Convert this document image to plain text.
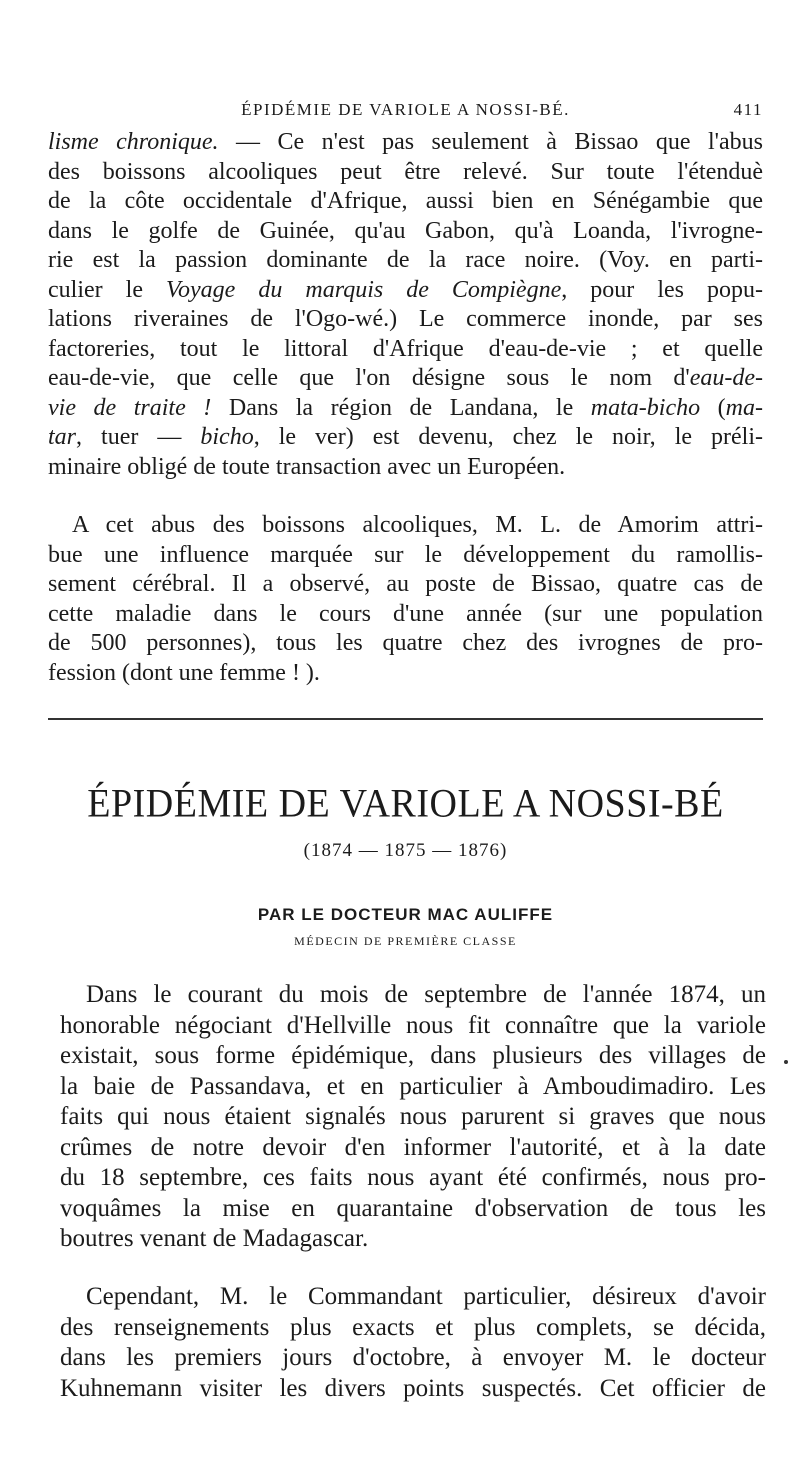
ÉPIDÉMIE DE VARIOLE A NOSSI-BÉ.	411
lisme chronique. — Ce n'est pas seulement à Bissao que l'abus
des boissons alcooliques peut être relevé. Sur toute l'étenduè
de la côte occidentale d'Afrique, aussi bien en Sénégambie que
dans le golfe de Guinée, qu'au Gabon, qu'à Loanda, l'ivrogne-
rie est la passion dominante de la race noire. (Voy. en parti-
culier le Voyage du marquis de Compiègne, pour les popu-
lations riveraines de l'Ogo-wé.) Le commerce inonde, par ses
factoreries, tout le littoral d'Afrique d'eau-de-vie ; et quelle
eau-de-vie, que celle que l'on désigne sous le nom d'eau-de-
vie de traite ! Dans la région de Landana, le mata-bicho (ma-
tar, tuer — bicho, le ver) est devenu, chez le noir, le préli-
minaire obligé de toute transaction avec un Européen.
A cet abus des boissons alcooliques, M. L. de Amorim attri-
bue une influence marquée sur le développement du ramollis-
sement cérébral. Il a observé, au poste de Bissao, quatre cas de
cette maladie dans le cours d'une année (sur une population
de 500 personnes), tous les quatre chez des ivrognes de pro-
fession (dont une femme ! ).
ÉPIDÉMIE DE VARIOLE A NOSSI-BÉ
(1874 — 1875 — 1876)
PAR LE DOCTEUR MAC AULIFFE
MÉDECIN DE PREMIÈRE CLASSE
Dans le courant du mois de septembre de l'année 1874, un
honorable négociant d'Hellville nous fit connaître que la variole
existait, sous forme épidémique, dans plusieurs des villages de
la baie de Passandava, et en particulier à Amboudimadiro. Les
faits qui nous étaient signalés nous parurent si graves que nous
crûmes de notre devoir d'en informer l'autorité, et à la date
du 18 septembre, ces faits nous ayant été confirmés, nous pro-
voquâmes la mise en quarantaine d'observation de tous les
boutres venant de Madagascar.
Cependant, M. le Commandant particulier, désireux d'avoir
des renseignements plus exacts et plus complets, se décida,
dans les premiers jours d'octobre, à envoyer M. le docteur
Kuhnemann visiter les divers points suspectés. Cet officier de
